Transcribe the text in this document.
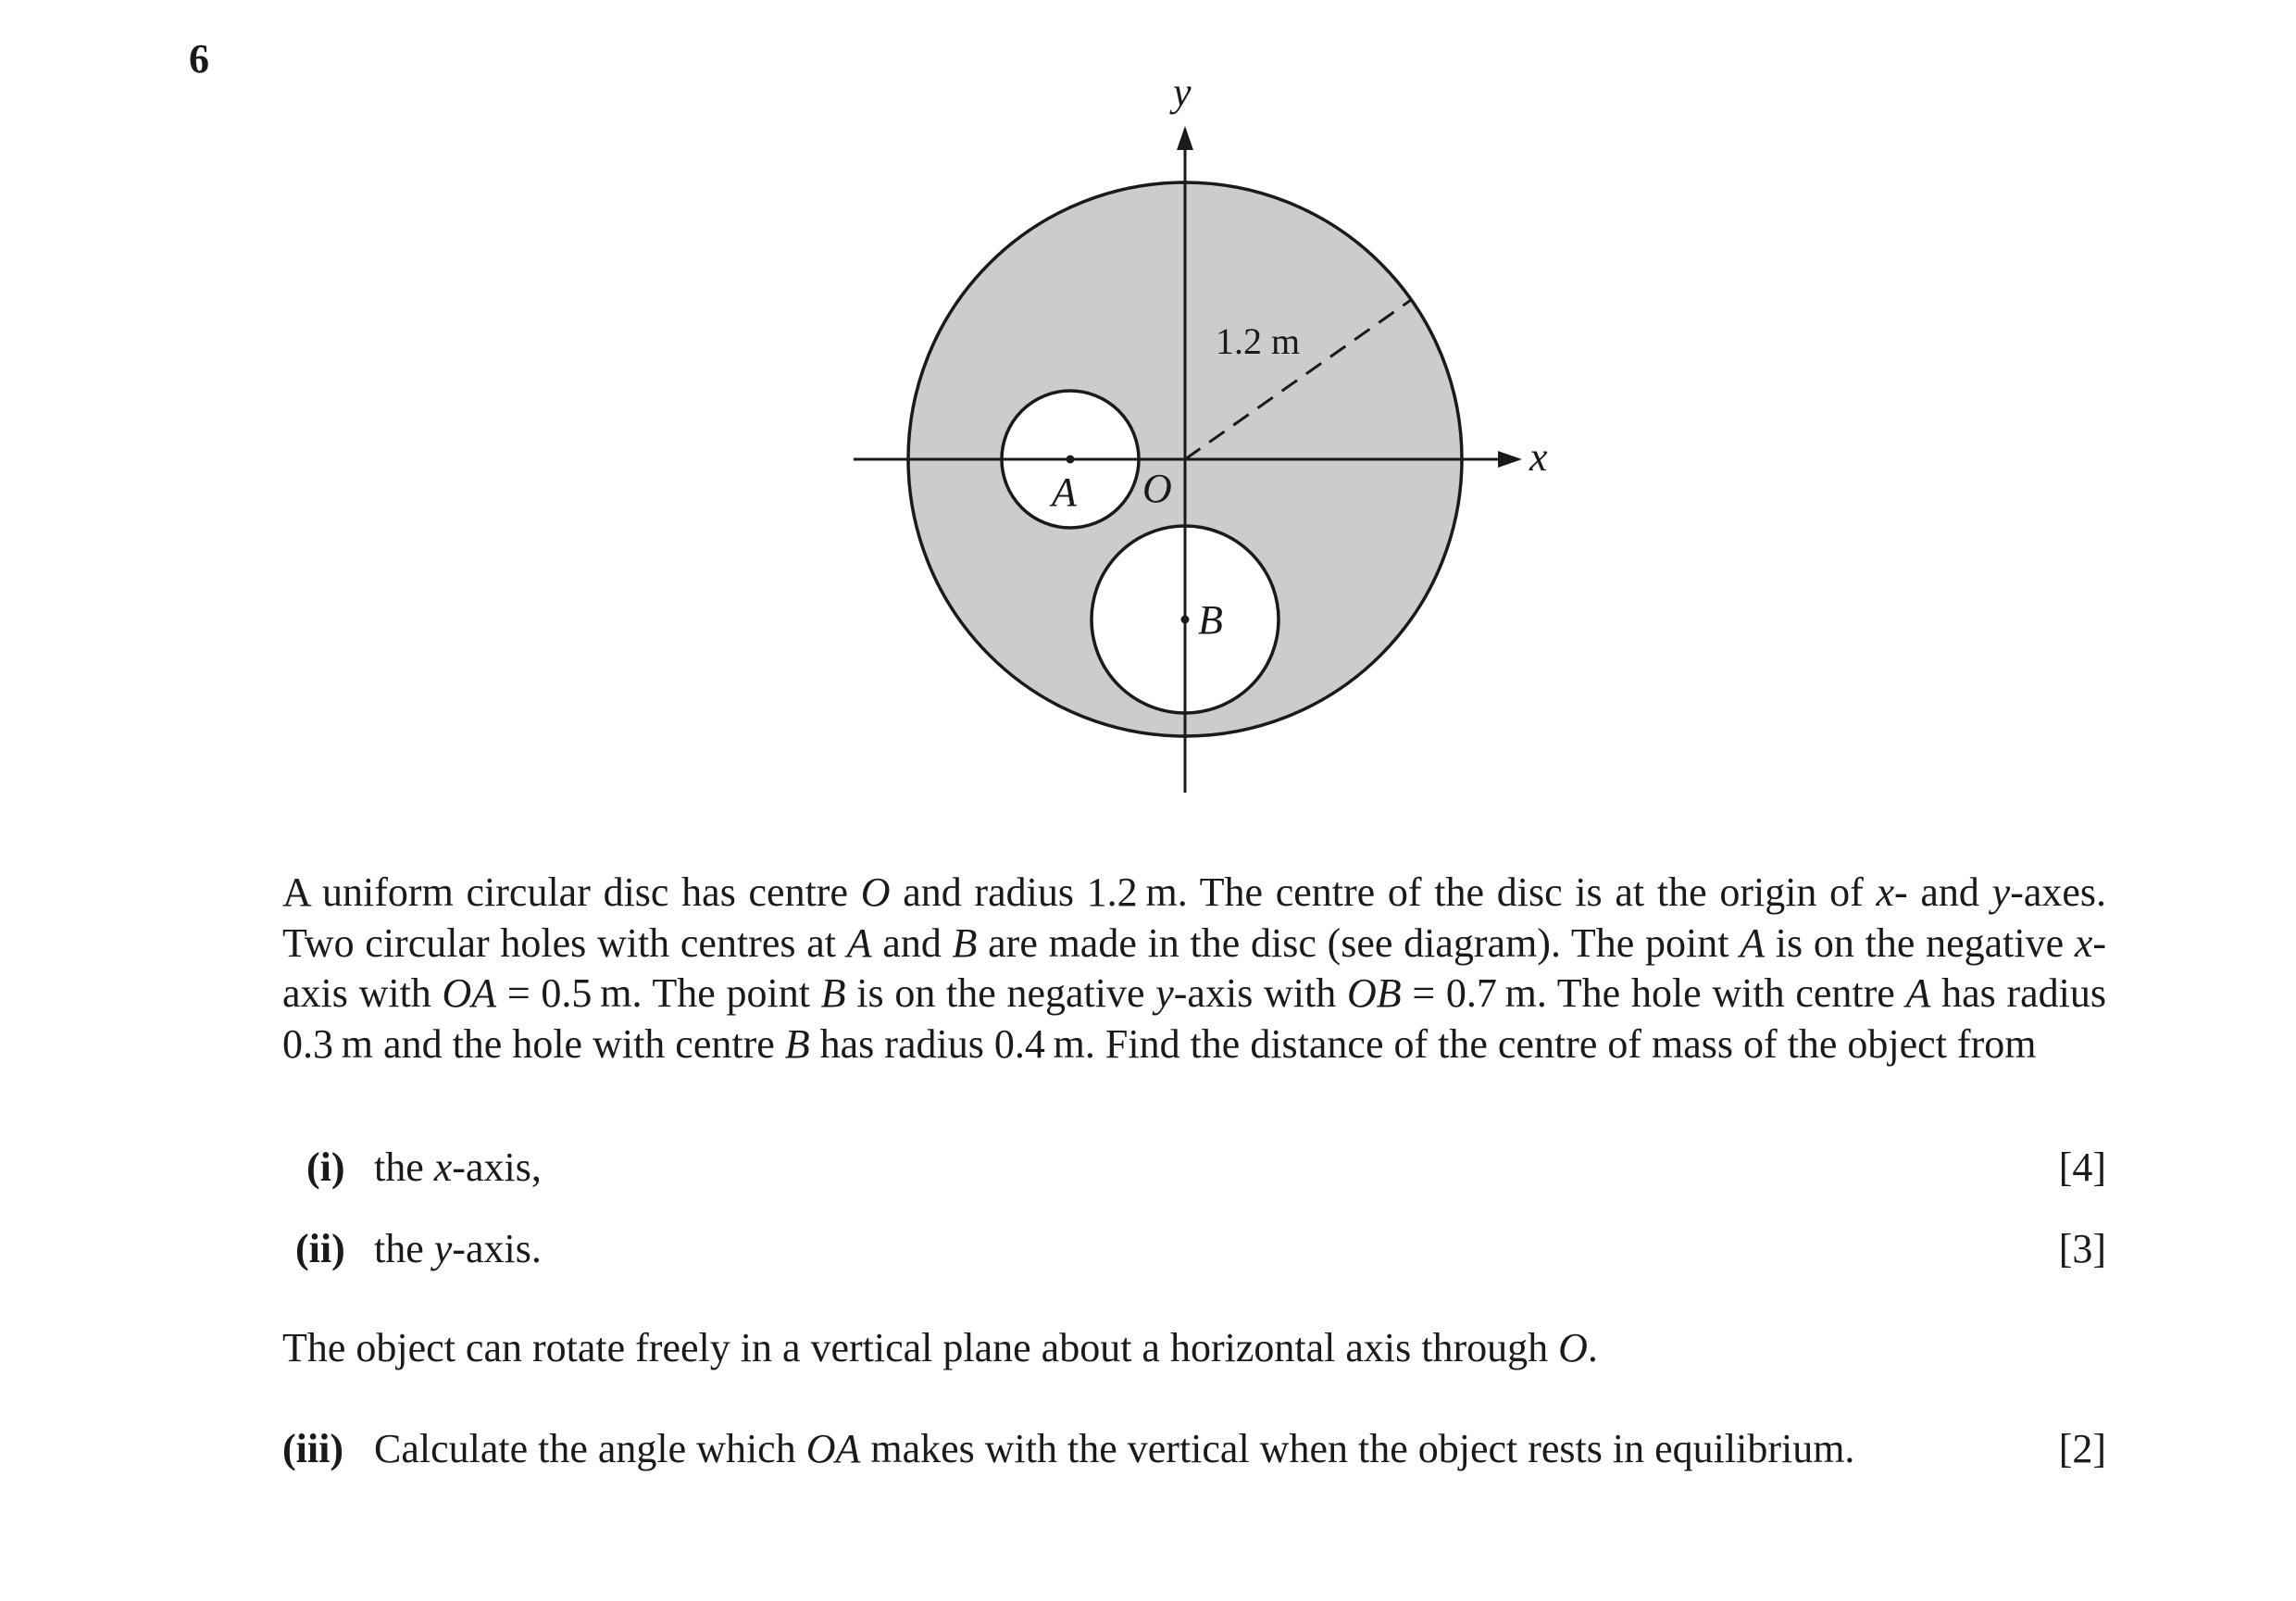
6
y
x
O
A
B
1.2 m

A uniform circular disc has centre O and radius 1.2 m. The centre of the disc is at the origin of x- and y-axes. Two circular holes with centres at A and B are made in the disc (see diagram). The point A is on the negative x-axis with OA = 0.5 m. The point B is on the negative y-axis with OB = 0.7 m. The hole with centre A has radius 0.3 m and the hole with centre B has radius 0.4 m. Find the distance of the centre of mass of the object from

(i) the x-axis,	[4]
(ii) the y-axis.	[3]
The object can rotate freely in a vertical plane about a horizontal axis through O.
(iii) Calculate the angle which OA makes with the vertical when the object rests in equilibrium.	[2]
